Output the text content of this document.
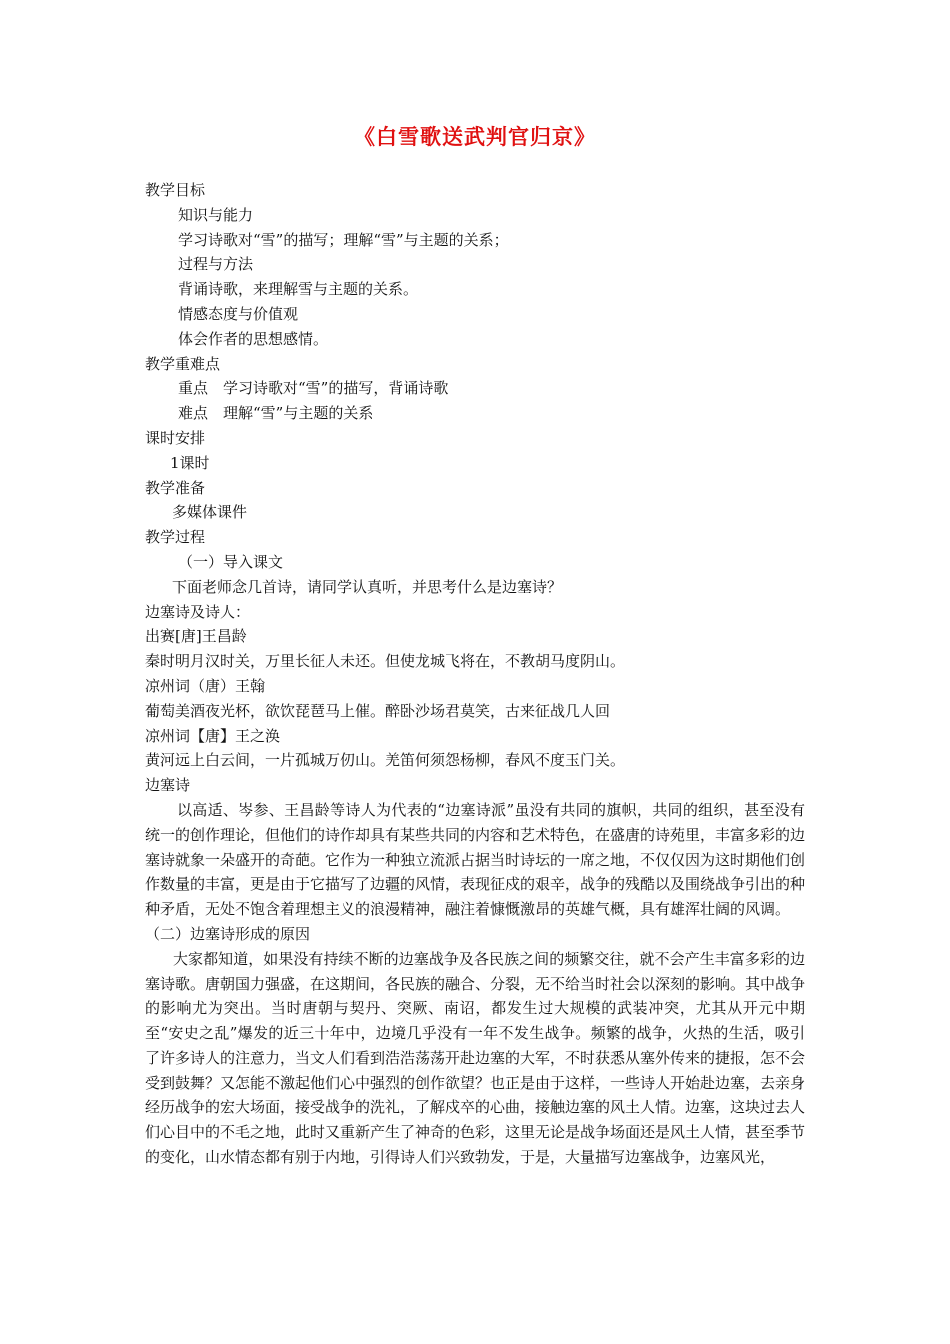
《白雪歌送武判官归京》
教学目标
知识与能力
学习诗歌对“雪”的描写；理解“雪”与主题的关系；
过程与方法
背诵诗歌，来理解雪与主题的关系。
情感态度与价值观
体会作者的思想感情。
教学重难点
重点　学习诗歌对“雪”的描写，背诵诗歌
难点　理解“雪”与主题的关系
课时安排
1课时
教学准备
多媒体课件
教学过程
（一）导入课文
下面老师念几首诗，请同学认真听，并思考什么是边塞诗？
边塞诗及诗人：
出赛[唐]王昌龄
秦时明月汉时关，万里长征人未还。但使龙城飞将在，不教胡马度阴山。
凉州词（唐）王翰
葡萄美酒夜光杯，欲饮琵琶马上催。醉卧沙场君莫笑，古来征战几人回
凉州词【唐】王之涣
黄河远上白云间，一片孤城万仞山。羌笛何须怨杨柳，春风不度玉门关。
边塞诗
以高适、岑参、王昌龄等诗人为代表的“边塞诗派”虽没有共同的旗帜，共同的组织，甚至没有统一的创作理论，但他们的诗作却具有某些共同的内容和艺术特色，在盛唐的诗苑里，丰富多彩的边塞诗就象一朵盛开的奇葩。它作为一种独立流派占据当时诗坛的一席之地，不仅仅因为这时期他们创作数量的丰富，更是由于它描写了边疆的风情，表现征戍的艰辛，战争的残酷以及围绕战争引出的种种矛盾，无处不饱含着理想主义的浪漫精神，融注着慷慨激昂的英雄气概，具有雄浑壮阔的风调。
（二）边塞诗形成的原因
大家都知道，如果没有持续不断的边塞战争及各民族之间的频繁交往，就不会产生丰富多彩的边塞诗歌。唐朝国力强盛，在这期间，各民族的融合、分裂，无不给当时社会以深刻的影响。其中战争的影响尤为突出。当时唐朝与契丹、突厥、南诏，都发生过大规模的武装冲突，尤其从开元中期至“安史之乱”爆发的近三十年中，边境几乎没有一年不发生战争。频繁的战争，火热的生活，吸引了许多诗人的注意力，当文人们看到浩浩荡荡开赴边塞的大军，不时获悉从塞外传来的捷报，怎不会受到鼓舞？又怎能不激起他们心中强烈的创作欲望？也正是由于这样，一些诗人开始赴边塞，去亲身经历战争的宏大场面，接受战争的洗礼，了解戍卒的心曲，接触边塞的风土人情。边塞，这块过去人们心目中的不毛之地，此时又重新产生了神奇的色彩，这里无论是战争场面还是风土人情，甚至季节的变化，山水情态都有别于内地，引得诗人们兴致勃发，于是，大量描写边塞战争，边塞风光，
